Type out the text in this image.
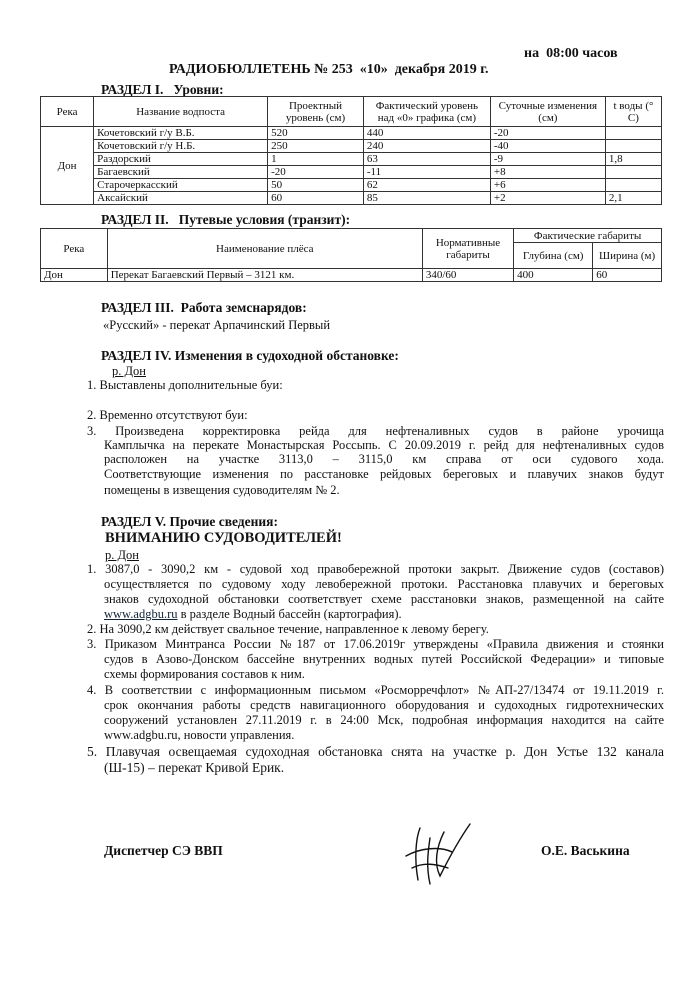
РАДИОБЮЛЛЕТЕНЬ № 253  «10»  декабря 2019 г.

на  08:00 часов
РАЗДЕЛ I.   Уровни:
Река	Название водпоста	Проектный уровень (см)	Фактический уровень над «0» графика (см)	Суточные изменения (см)	t воды (° С)
Дон	Кочетовский г/у В.Б.	520	440	-20	
	Кочетовский г/у Н.Б.	250	240	-40	
	Раздорский	1	63	-9	1,8
	Багаевский	-20	-11	+8	
	Старочеркасский	50	62	+6	
	Аксайский	60	85	+2	2,1
РАЗДЕЛ II.   Путевые условия (транзит):
Река	Наименование плёса	Нормативные габариты	Фактические габариты	
			Глубина (см)	Ширина (м)
Дон	Перекат Багаевский Первый – 3121 км.	340/60	400	60
РАЗДЕЛ III.  Работа земснарядов:
«Русский» - перекат Арпачинский Первый
РАЗДЕЛ IV. Изменения в судоходной обстановке:
р. Дон
1. Выставлены дополнительные буи:
2. Временно отсутствуют буи:
3. Произведена корректировка рейда для нефтеналивных судов в районе урочища
Камплычка на перекате Монастырская Россыпь. С 20.09.2019 г. рейд для нефтеналивных судов
расположен на участке 3113,0 – 3115,0 км справа от оси судового хода.
Соответствующие изменения по расстановке рейдовых береговых и плавучих знаков будут
помещены в извещения судоводителям № 2.
РАЗДЕЛ V. Прочие сведения:
ВНИМАНИЮ СУДОВОДИТЕЛЕЙ!
р. Дон
1. 3087,0 - 3090,2 км - судовой ход правобережной протоки закрыт. Движение судов (составов)
осуществляется по судовому ходу левобережной протоки. Расстановка плавучих и береговых
знаков судоходной обстановки соответствует схеме расстановки знаков, размещенной на сайте
www.adgbu.ru в разделе Водный бассейн (картография).
2. На 3090,2 км действует свальное течение, направленное к левому берегу.
3. Приказом Минтранса России №187 от 17.06.2019г утверждены «Правила движения и стоянки
судов в Азово-Донском бассейне внутренних водных путей Российской Федерации» и типовые
схемы формирования составов к ним.
4. В соответствии с информационным письмом «Росморречфлот» №АП-27/13474 от 19.11.2019 г.
срок окончания работы средств навигационного оборудования и судоходных гидротехнических
сооружений установлен 27.11.2019 г. в 24:00 Мск, подробная информация находится на сайте
www.adgbu.ru, новости управления.
5. Плавучая освещаемая судоходная обстановка снята на участке р. Дон Устье 132 канала
(Ш-15) – перекат Кривой Ерик.
Диспетчер СЭ ВВП	О.Е. Васькина
